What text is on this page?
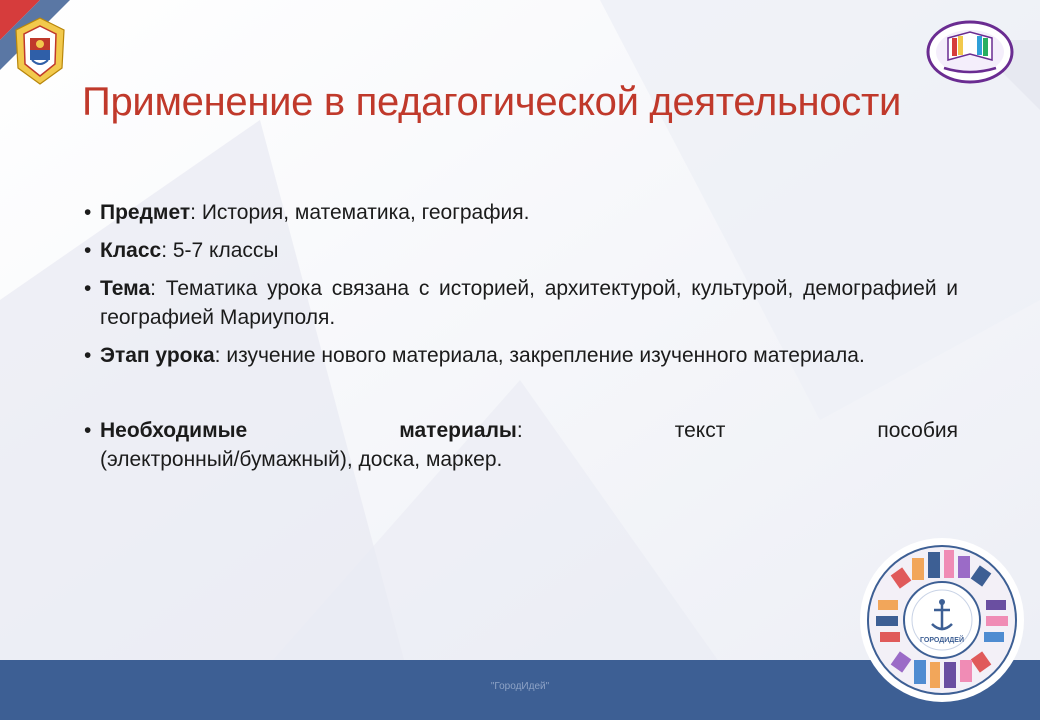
Применение в педагогической деятельности
• Предмет: История, математика, география.
• Класс: 5-7 классы
• Тема: Тематика урока связана с историей, архитектурой, культурой, демографией и географией Мариуполя.
• Этап урока: изучение нового материала, закрепление изученного материала.
• Необходимые	материалы:	текст	пособия
(электронный/бумажный), доска, маркер.
"ГородИдей"
ГОРОДИДЕЙ
